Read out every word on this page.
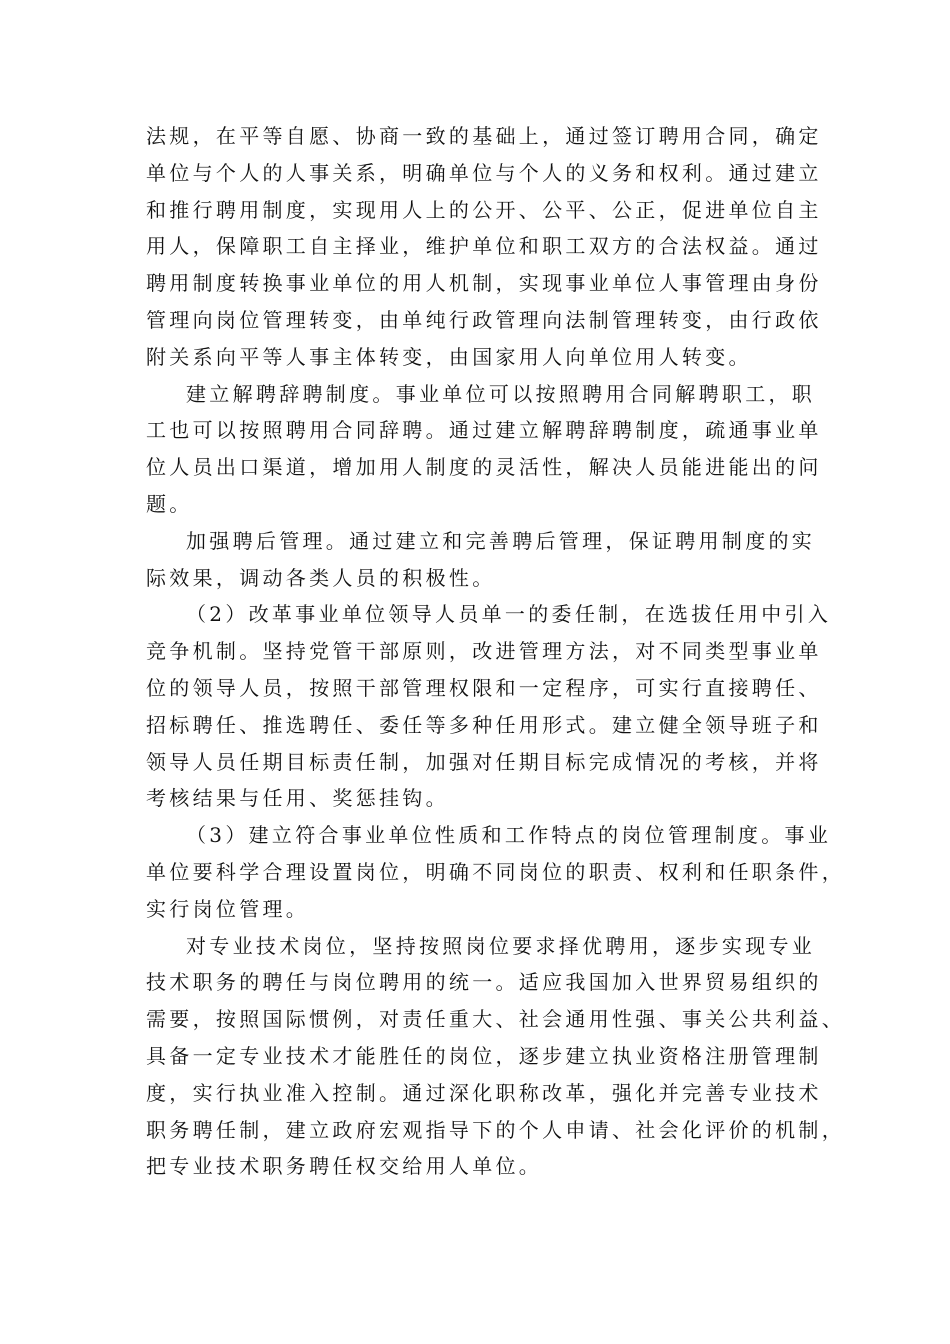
法规，在平等自愿、协商一致的基础上，通过签订聘用合同，确定
单位与个人的人事关系，明确单位与个人的义务和权利。通过建立
和推行聘用制度，实现用人上的公开、公平、公正，促进单位自主
用人，保障职工自主择业，维护单位和职工双方的合法权益。通过
聘用制度转换事业单位的用人机制，实现事业单位人事管理由身份
管理向岗位管理转变，由单纯行政管理向法制管理转变，由行政依
附关系向平等人事主体转变，由国家用人向单位用人转变。
建立解聘辞聘制度。事业单位可以按照聘用合同解聘职工，职
工也可以按照聘用合同辞聘。通过建立解聘辞聘制度，疏通事业单
位人员出口渠道，增加用人制度的灵活性，解决人员能进能出的问
题。
加强聘后管理。通过建立和完善聘后管理，保证聘用制度的实
际效果，调动各类人员的积极性。
（2）改革事业单位领导人员单一的委任制，在选拔任用中引入
竞争机制。坚持党管干部原则，改进管理方法，对不同类型事业单
位的领导人员，按照干部管理权限和一定程序，可实行直接聘任、
招标聘任、推选聘任、委任等多种任用形式。建立健全领导班子和
领导人员任期目标责任制，加强对任期目标完成情况的考核，并将
考核结果与任用、奖惩挂钩。
（3）建立符合事业单位性质和工作特点的岗位管理制度。事业
单位要科学合理设置岗位，明确不同岗位的职责、权利和任职条件，
实行岗位管理。
对专业技术岗位，坚持按照岗位要求择优聘用，逐步实现专业
技术职务的聘任与岗位聘用的统一。适应我国加入世界贸易组织的
需要，按照国际惯例，对责任重大、社会通用性强、事关公共利益、
具备一定专业技术才能胜任的岗位，逐步建立执业资格注册管理制
度，实行执业准入控制。通过深化职称改革，强化并完善专业技术
职务聘任制，建立政府宏观指导下的个人申请、社会化评价的机制，
把专业技术职务聘任权交给用人单位。
